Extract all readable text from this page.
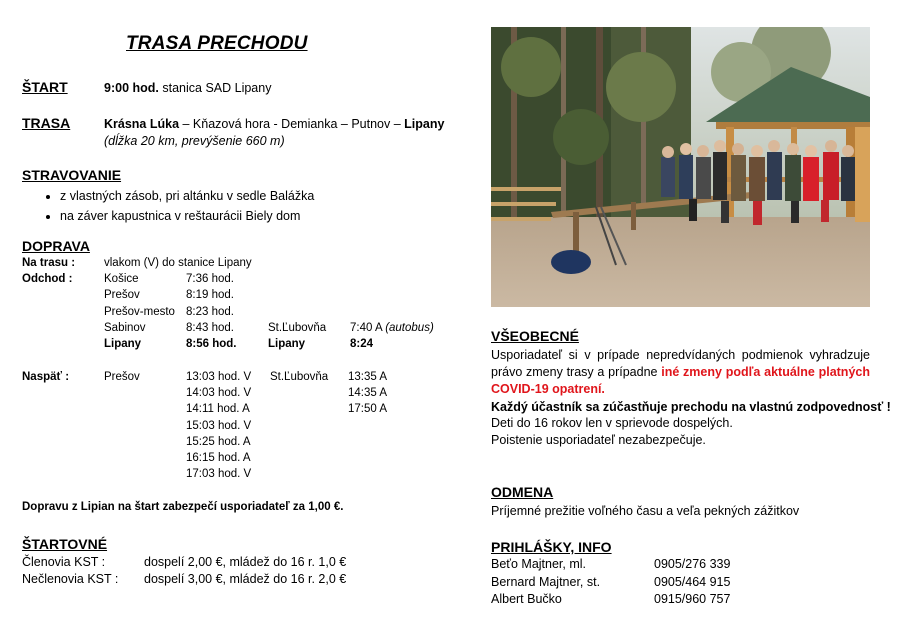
TRASA PRECHODU
ŠTART	9:00 hod. stanica SAD Lipany
TRASA	Krásna Lúka – Kňazová hora - Demianka – Putnov – Lipany
(dĺžka 20 km, prevýšenie 660 m)
STRAVOVANIE
• z vlastných zásob, pri altánku v sedle Balážka
• na záver kapustnica v reštaurácii Biely dom
DOPRAVA
Na trasu :	vlakom (V) do stanice Lipany			
Odchod :	Košice	7:36 hod.		
	Prešov	8:19 hod.		
	Prešov-mesto	8:23 hod.		
	Sabinov	8:43 hod.	St.Ľubovňa	7:40 A (autobus)
	Lipany	8:56 hod.	Lipany	8:24
Naspäť :	Prešov	13:03 hod. V	St.Ľubovňa	13:35 A
		14:03 hod. V		14:35 A
		14:11 hod. A		17:50 A
		15:03 hod. V		
		15:25 hod. A		
		16:15 hod. A		
		17:03 hod. V		
Dopravu z Lipian na štart zabezpečí usporiadateľ za 1,00 €.
ŠTARTOVNÉ
Členovia KST :	dospelí 2,00 €, mládež do 16 r. 1,0 €
Nečlenovia KST :	dospelí 3,00 €, mládež do 16 r. 2,0 €
VŠEOBECNÉ
Usporiadateľ si v prípade nepredvídaných podmienok vyhradzuje právo zmeny trasy a prípadne iné zmeny podľa aktuálne platných COVID-19 opatrení.
Každý účastník sa zúčastňuje prechodu na vlastnú zodpovednosť !
Deti do 16 rokov len v sprievode dospelých.
Poistenie usporiadateľ nezabezpečuje.
ODMENA
Príjemné prežitie voľného času a veľa pekných zážitkov
PRIHLÁŠKY, INFO
Beťo Majtner, ml.	0905/276 339
Bernard Majtner, st.	0905/464 915
Albert Bučko	0915/960 757
